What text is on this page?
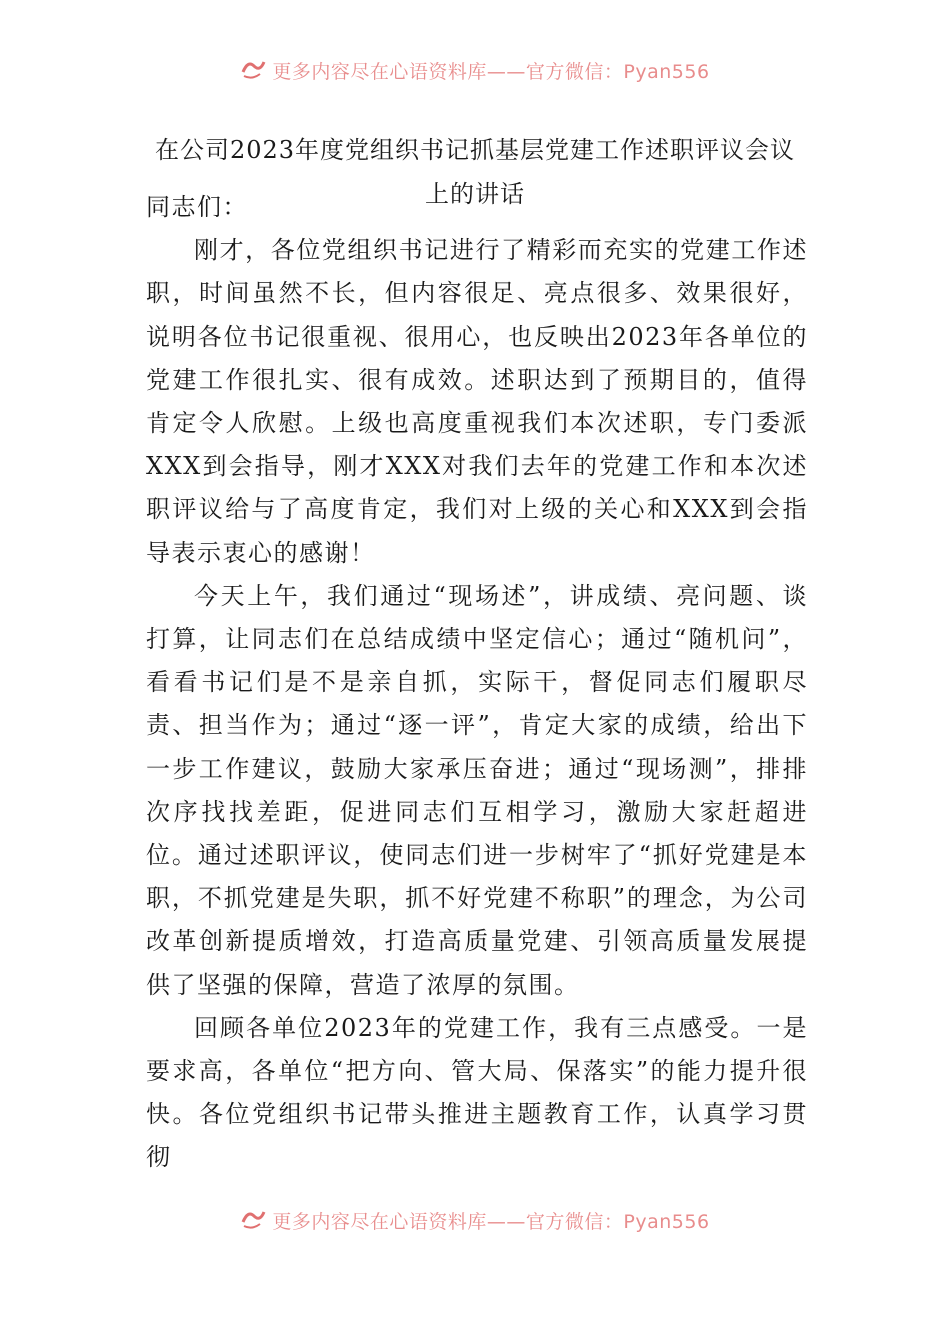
更多内容尽在心语资料库——官方微信：Pyan556
在公司2023年度党组织书记抓基层党建工作述职评议会议
上的讲话

同志们：

刚才，各位党组织书记进行了精彩而充实的党建工作述职，时间虽然不长，但内容很足、亮点很多、效果很好，说明各位书记很重视、很用心，也反映出2023年各单位的党建工作很扎实、很有成效。述职达到了预期目的，值得肯定令人欣慰。上级也高度重视我们本次述职，专门委派XXX到会指导，刚才XXX对我们去年的党建工作和本次述职评议给与了高度肯定，我们对上级的关心和XXX到会指导表示衷心的感谢！

今天上午，我们通过“现场述”，讲成绩、亮问题、谈打算，让同志们在总结成绩中坚定信心；通过“随机问”，看看书记们是不是亲自抓，实际干，督促同志们履职尽责、担当作为；通过“逐一评”，肯定大家的成绩，给出下一步工作建议，鼓励大家承压奋进；通过“现场测”，排排次序找找差距，促进同志们互相学习，激励大家赶超进位。通过述职评议，使同志们进一步树牢了“抓好党建是本职，不抓党建是失职，抓不好党建不称职”的理念，为公司改革创新提质增效，打造高质量党建、引领高质量发展提供了坚强的保障，营造了浓厚的氛围。

回顾各单位2023年的党建工作，我有三点感受。一是要求高，各单位“把方向、管大局、保落实”的能力提升很快。各位党组织书记带头推进主题教育工作，认真学习贯彻

更多内容尽在心语资料库——官方微信：Pyan556
